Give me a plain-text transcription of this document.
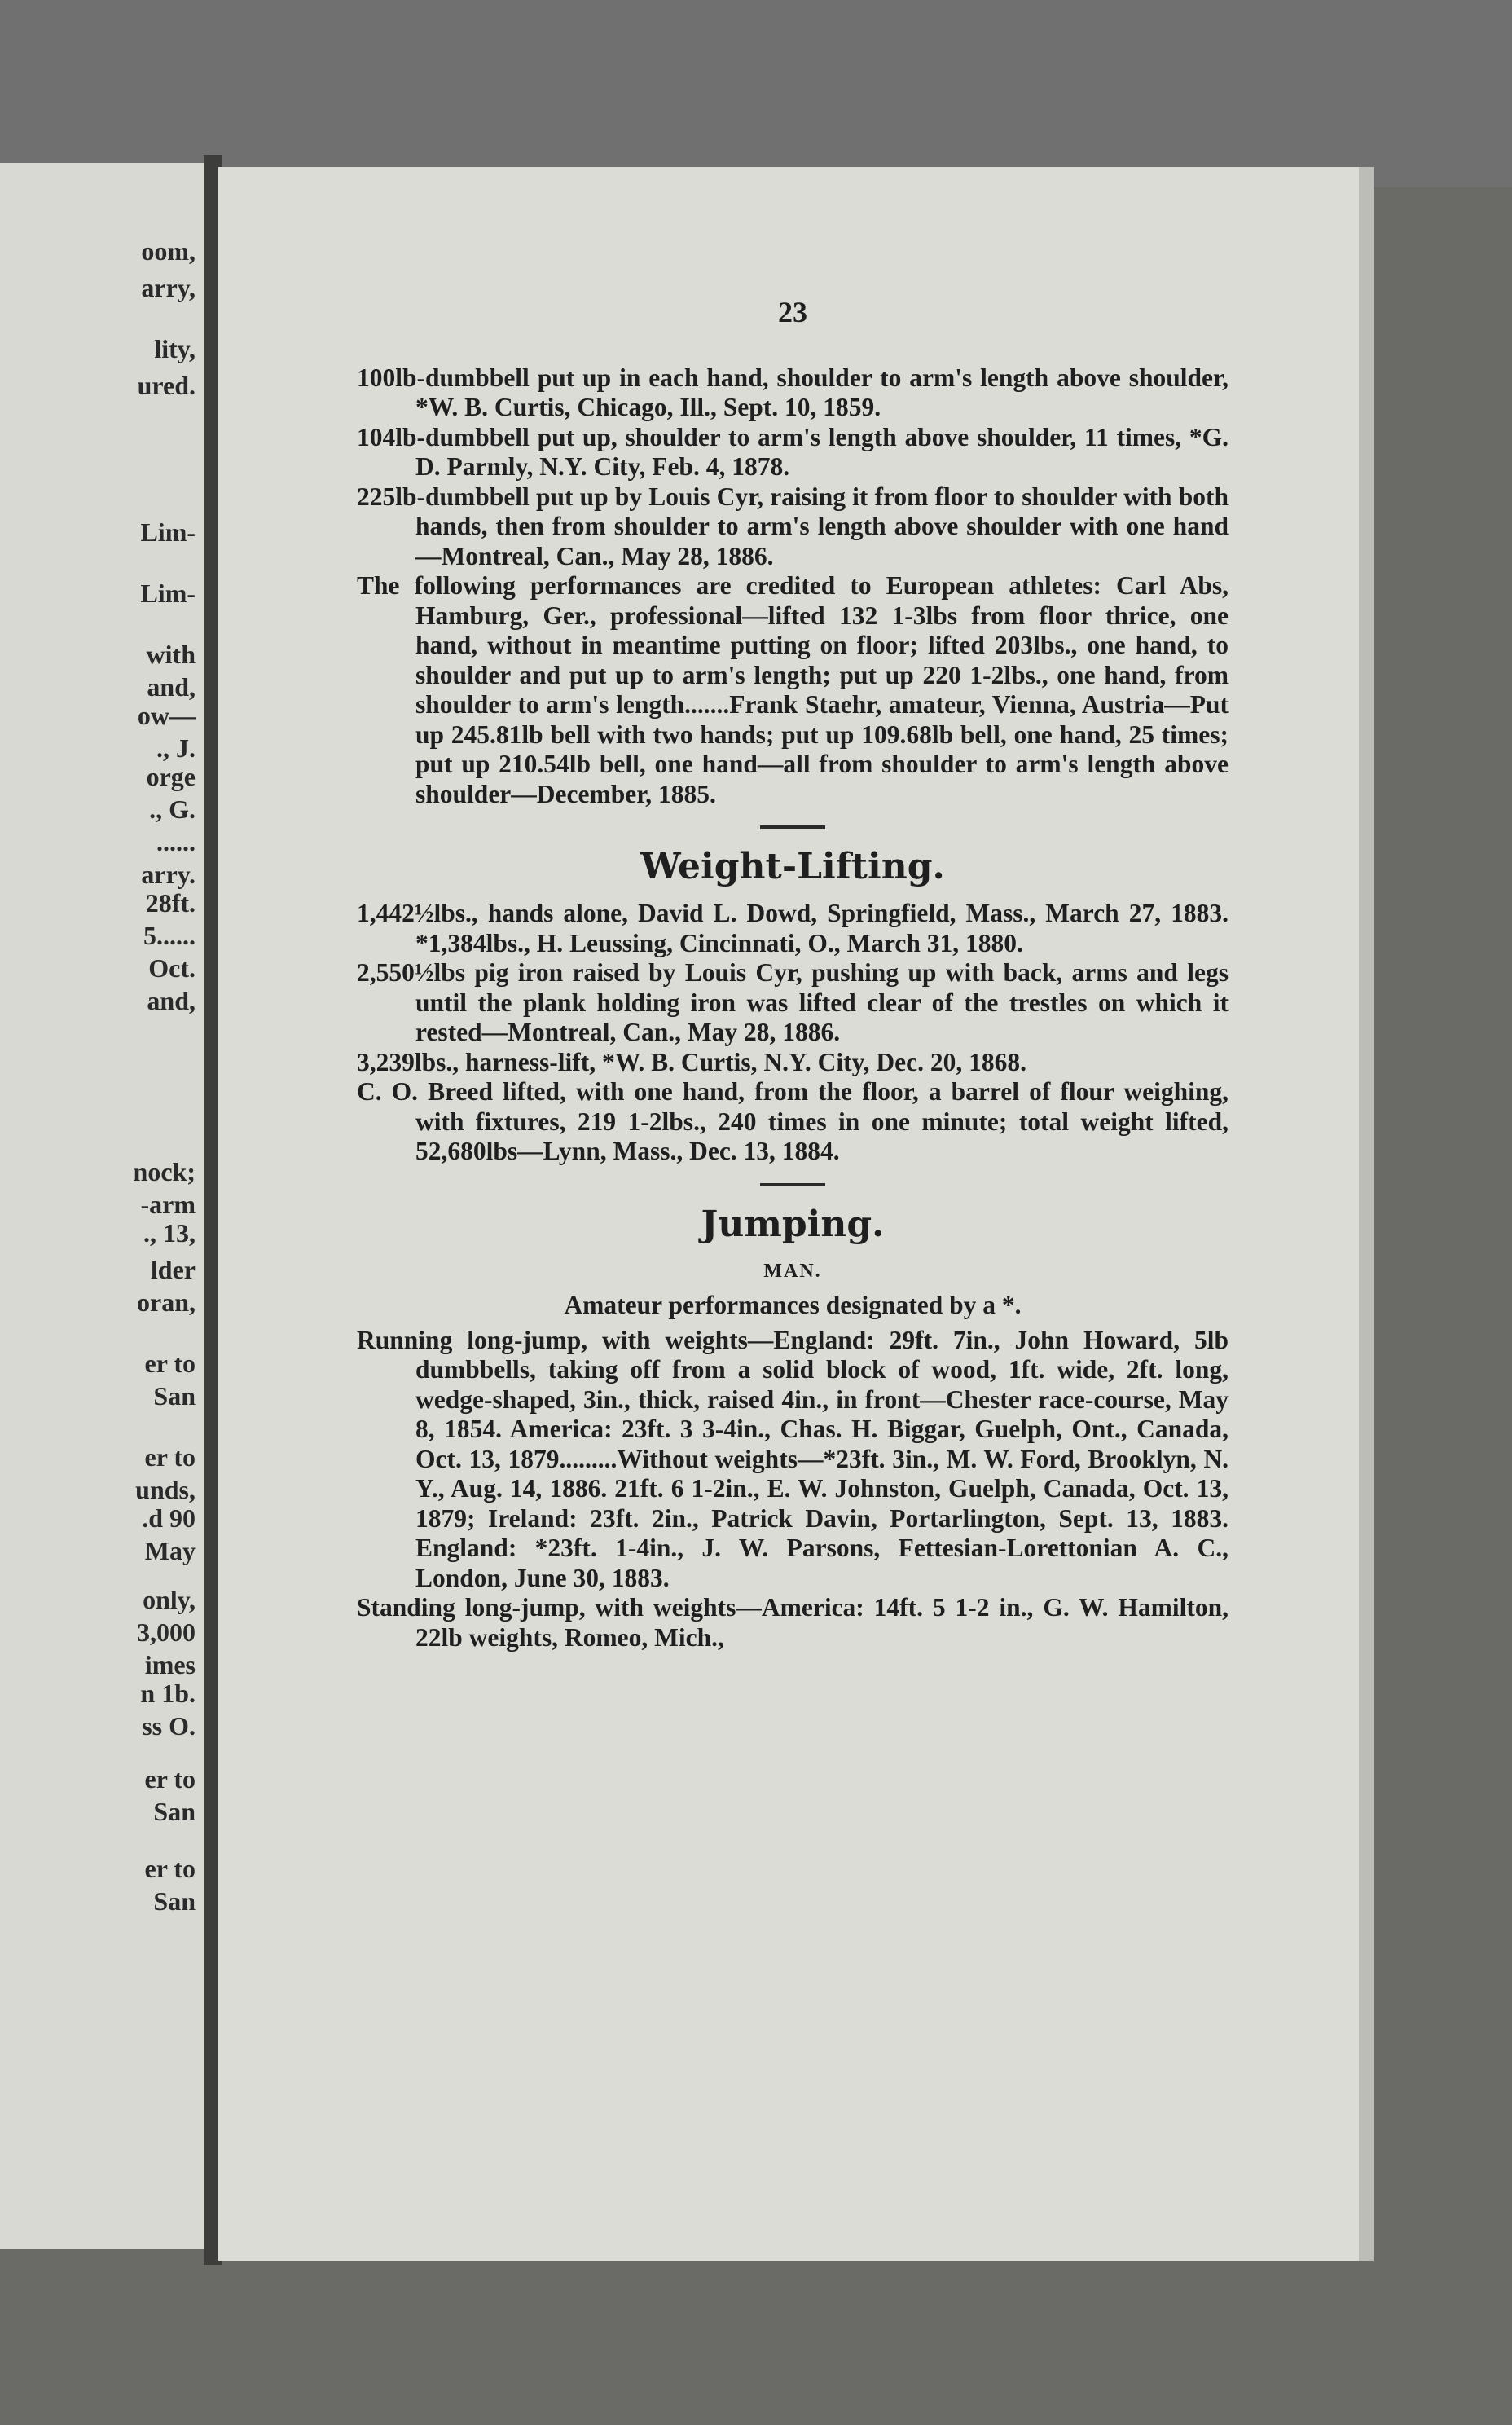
oom,
arry,
lity,
ured.
Lim-
Lim-
with
and,
ow—
., J.
orge
., G.
......
arry.
28ft.
5......
Oct.
and,
nock;
-arm
., 13,
lder
oran,
er to
San
er to
unds,
.d 90
May
only,
3,000
imes
n 1b.
ss O.
er to
San
er to
San
23

100lb-dumbbell put up in each hand, shoulder to arm's length above shoulder, *W. B. Curtis, Chicago, Ill., Sept. 10, 1859.

104lb-dumbbell put up, shoulder to arm's length above shoulder, 11 times, *G. D. Parmly, N.Y. City, Feb. 4, 1878.

225lb-dumbbell put up by Louis Cyr, raising it from floor to shoulder with both hands, then from shoulder to arm's length above shoulder with one hand—Montreal, Can., May 28, 1886.

The following performances are credited to European athletes: Carl Abs, Hamburg, Ger., professional—lifted 132 1-3lbs from floor thrice, one hand, without in meantime putting on floor; lifted 203lbs., one hand, to shoulder and put up to arm's length; put up 220 1-2lbs., one hand, from shoulder to arm's length.......Frank Staehr, amateur, Vienna, Austria—Put up 245.81lb bell with two hands; put up 109.68lb bell, one hand, 25 times; put up 210.54lb bell, one hand—all from shoulder to arm's length above shoulder—December, 1885.

Weight-Lifting.

1,442½lbs., hands alone, David L. Dowd, Springfield, Mass., March 27, 1883. *1,384lbs., H. Leussing, Cincinnati, O., March 31, 1880.

2,550½lbs pig iron raised by Louis Cyr, pushing up with back, arms and legs until the plank holding iron was lifted clear of the trestles on which it rested—Montreal, Can., May 28, 1886.

3,239lbs., harness-lift, *W. B. Curtis, N.Y. City, Dec. 20, 1868.

C. O. Breed lifted, with one hand, from the floor, a barrel of flour weighing, with fixtures, 219 1-2lbs., 240 times in one minute; total weight lifted, 52,680lbs—Lynn, Mass., Dec. 13, 1884.

Jumping.
MAN.
Amateur performances designated by a *.

Running long-jump, with weights—England: 29ft. 7in., John Howard, 5lb dumbbells, taking off from a solid block of wood, 1ft. wide, 2ft. long, wedge-shaped, 3in., thick, raised 4in., in front—Chester race-course, May 8, 1854. America: 23ft. 3 3-4in., Chas. H. Biggar, Guelph, Ont., Canada, Oct. 13, 1879.........Without weights—*23ft. 3in., M. W. Ford, Brooklyn, N. Y., Aug. 14, 1886. 21ft. 6 1-2in., E. W. Johnston, Guelph, Canada, Oct. 13, 1879; Ireland: 23ft. 2in., Patrick Davin, Portarlington, Sept. 13, 1883. England: *23ft. 1-4in., J. W. Parsons, Fettesian-Lorettonian A. C., London, June 30, 1883.

Standing long-jump, with weights—America: 14ft. 5 1-2 in., G. W. Hamilton, 22lb weights, Romeo, Mich.,
